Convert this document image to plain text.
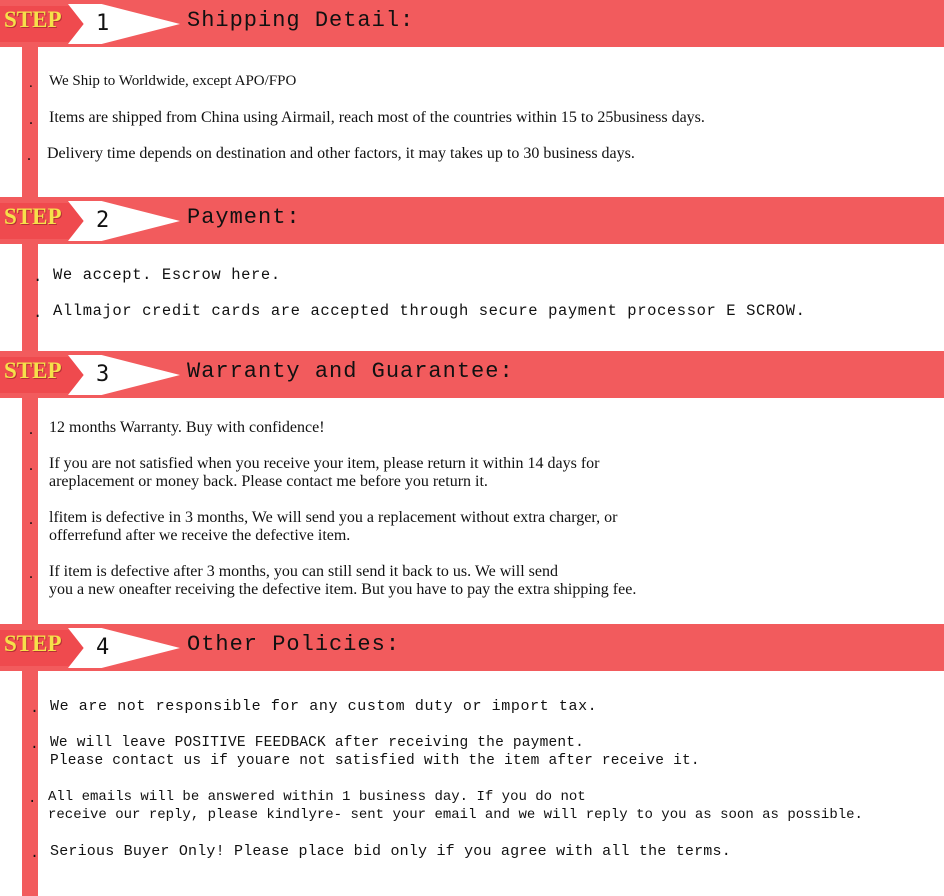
STEP 1	Shipping Detail:
. We Ship to Worldwide, except APO/FPO
. Items are shipped from China using Airmail, reach most of the countries within 15 to 25business days.
. Delivery time depends on destination and other factors, it may takes up to 30 business days.
STEP 2	Payment:
. We accept. Escrow here.
. Allmajor credit cards are accepted through secure payment processor E SCROW.
STEP 3	Warranty and Guarantee:
. 12 months Warranty. Buy with confidence!
. If you are not satisfied when you receive your item, please return it within 14 days for
areplacement or money back. Please contact me before you return it.
. lfitem is defective in 3 months, We will send you a replacement without extra charger, or
offerrefund after we receive the defective item.
. If item is defective after 3 months, you can still send it back to us. We will send
you a new oneafter receiving the defective item. But you have to pay the extra shipping fee.
STEP 4	Other Policies:
. We are not responsible for any custom duty or import tax.
. We will leave POSITIVE FEEDBACK after receiving the payment.
Please contact us if youare not satisfied with the item after receive it.
. All emails will be answered within 1 business day. If you do not
receive our reply, please kindlyre- sent your email and we will reply to you as soon as possible.
. Serious Buyer Only! Please place bid only if you agree with all the terms.
